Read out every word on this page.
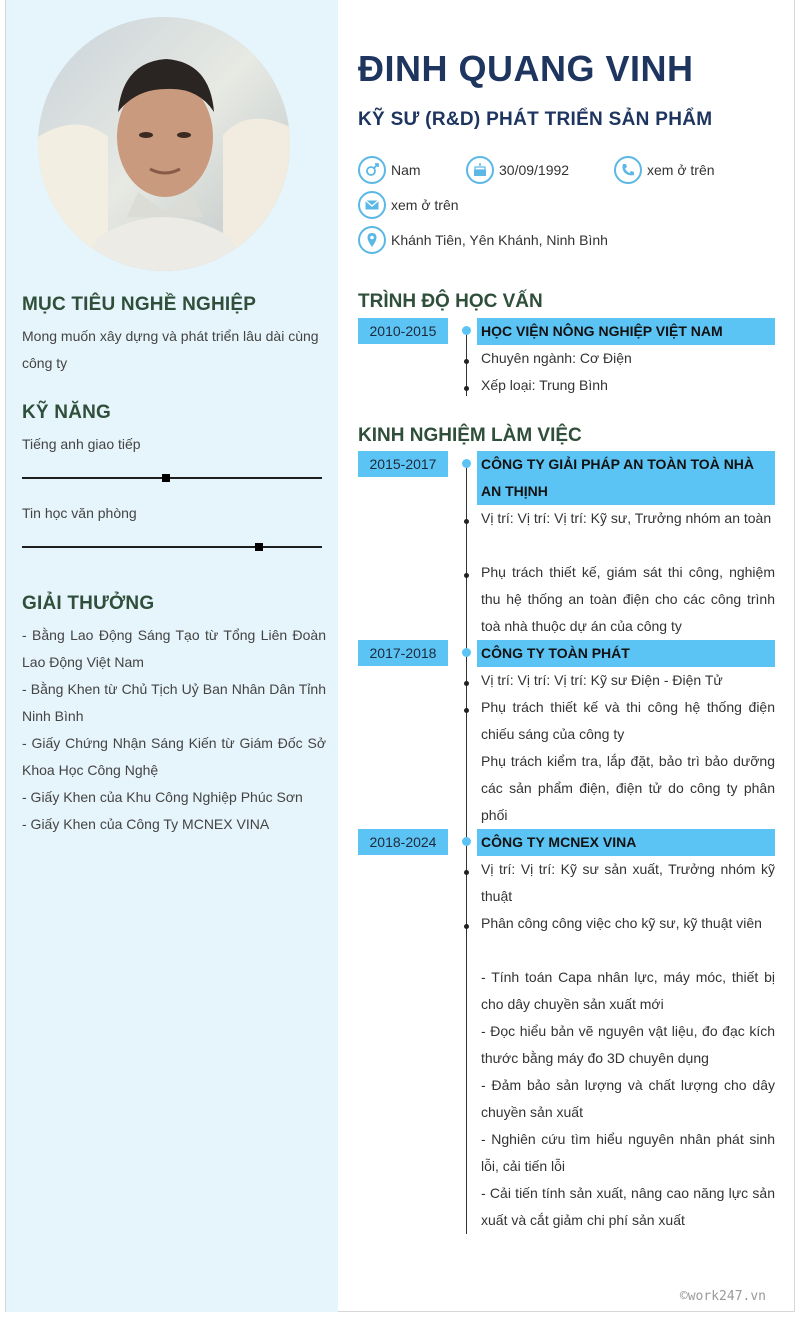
MỤC TIÊU NGHỀ NGHIỆP
Mong muốn xây dựng và phát triển lâu dài cùng công ty
KỸ NĂNG
Tiếng anh giao tiếp
Tin học văn phòng
GIẢI THƯỞNG
- Bằng Lao Động Sáng Tạo từ Tổng Liên Đoàn Lao Động Việt Nam
- Bằng Khen từ Chủ Tịch Uỷ Ban Nhân Dân Tỉnh Ninh Bình
- Giấy Chứng Nhận Sáng Kiến từ Giám Đốc Sở Khoa Học Công Nghệ
- Giấy Khen của Khu Công Nghiệp Phúc Sơn
- Giấy Khen của Công Ty MCNEX VINA
ĐINH QUANG VINH
KỸ SƯ (R&D) PHÁT TRIỂN SẢN PHẨM
Nam	30/09/1992	xem ở trên
xem ở trên
Khánh Tiên, Yên Khánh, Ninh Bình
TRÌNH ĐỘ HỌC VẤN
2010-2015	HỌC VIỆN NÔNG NGHIỆP VIỆT NAM
Chuyên ngành: Cơ Điện
Xếp loại: Trung Bình
KINH NGHIỆM LÀM VIỆC
2015-2017	CÔNG TY GIẢI PHÁP AN TOÀN TOÀ NHÀ AN THỊNH
Vị trí: Vị trí: Vị trí: Kỹ sư, Trưởng nhóm an toàn
Phụ trách thiết kế, giám sát thi công, nghiệm thu hệ thống an toàn điện cho các công trình toà nhà thuộc dự án của công ty
2017-2018	CÔNG TY TOÀN PHÁT
Vị trí: Vị trí: Vị trí: Kỹ sư Điện - Điện Tử
Phụ trách thiết kế và thi công hệ thống điện chiếu sáng của công ty
Phụ trách kiểm tra, lắp đặt, bảo trì bảo dưỡng các sản phẩm điện, điện tử do công ty phân phối
2018-2024	CÔNG TY MCNEX VINA
Vị trí: Vị trí: Kỹ sư sản xuất, Trưởng nhóm kỹ thuật
Phân công công việc cho kỹ sư, kỹ thuật viên
- Tính toán Capa nhân lực, máy móc, thiết bị cho dây chuyền sản xuất mới
- Đọc hiểu bản vẽ nguyên vật liệu, đo đạc kích thước bằng máy đo 3D chuyên dụng
- Đảm bảo sản lượng và chất lượng cho dây chuyền sản xuất
- Nghiên cứu tìm hiểu nguyên nhân phát sinh lỗi, cải tiến lỗi
- Cải tiến tính sản xuất, nâng cao năng lực sản xuất và cắt giảm chi phí sản xuất
©work247.vn
